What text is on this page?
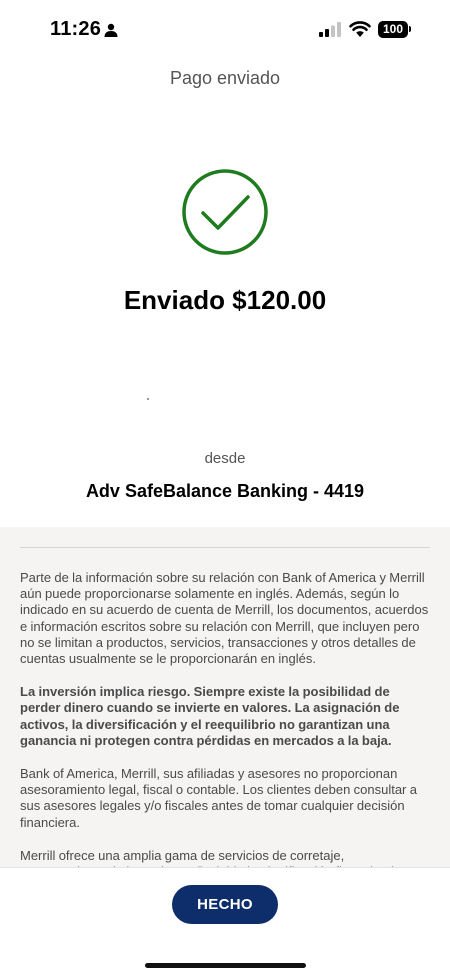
11:26	100
Pago enviado
Enviado $120.00
desde
Adv SafeBalance Banking - 4419

Parte de la información sobre su relación con Bank of America y Merrill aún puede proporcionarse solamente en inglés. Además, según lo indicado en su acuerdo de cuenta de Merrill, los documentos, acuerdos e información escritos sobre su relación con Merrill, que incluyen pero no se limitan a productos, servicios, transacciones y otros detalles de cuentas usualmente se le proporcionarán en inglés.

La inversión implica riesgo. Siempre existe la posibilidad de perder dinero cuando se invierte en valores. La asignación de activos, la diversificación y el reequilibrio no garantizan una ganancia ni protegen contra pérdidas en mercados a la baja.

Bank of America, Merrill, sus afiliadas y asesores no proporcionan asesoramiento legal, fiscal o contable. Los clientes deben consultar a sus asesores legales y/o fiscales antes de tomar cualquier decisión financiera.

Merrill ofrece una amplia gama de servicios de corretaje,

HECHO
